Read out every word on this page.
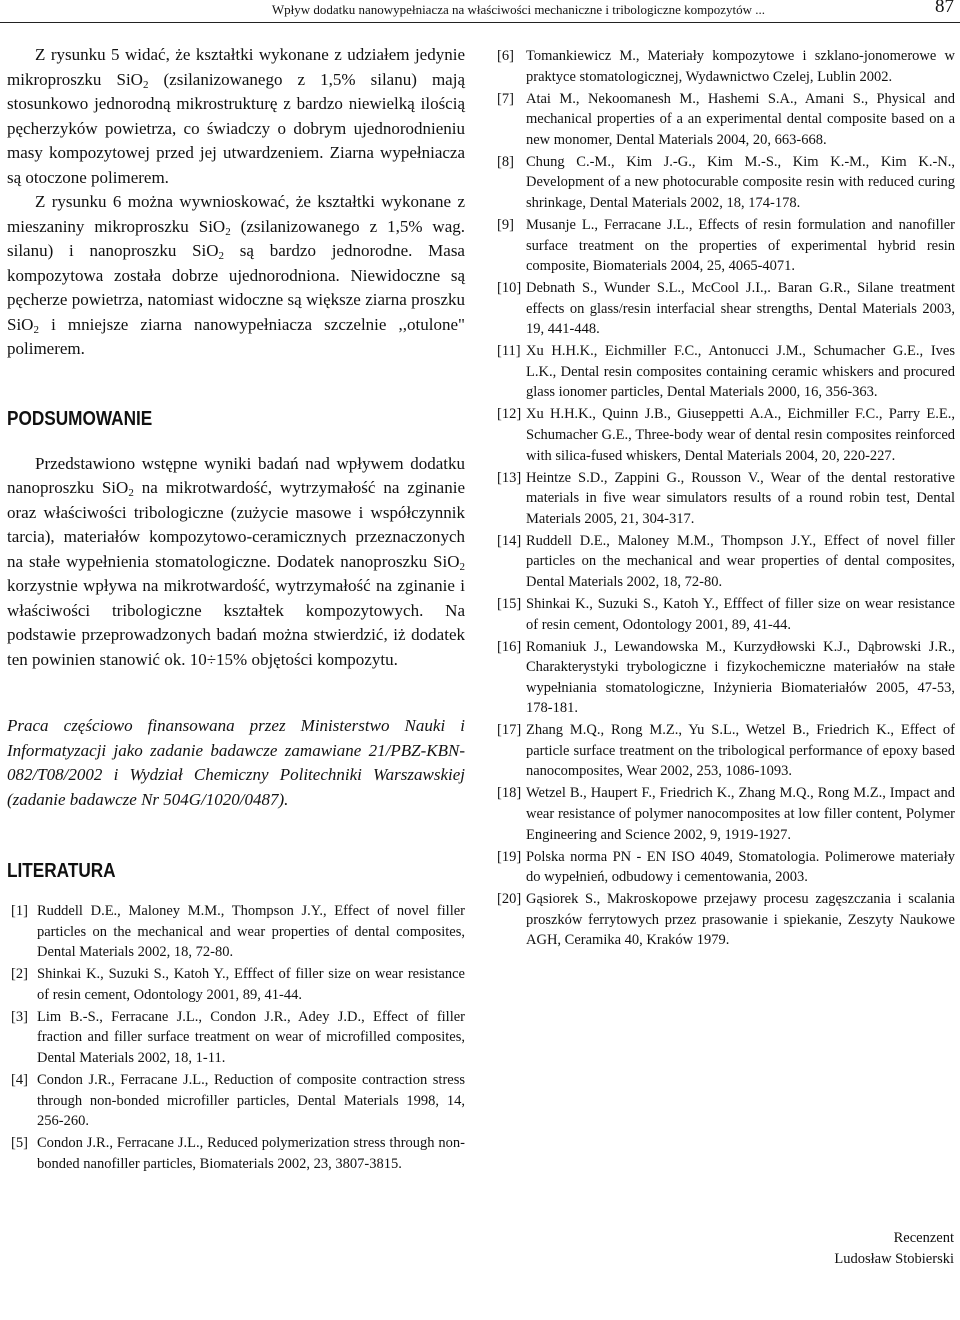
Wpływ dodatku nanowypełniacza na właściwości mechaniczne i tribologiczne kompozytów ...	87

Z rysunku 5 widać, że kształtki wykonane z udziałem jedynie mikroproszku SiO$_2$ (zsilanizowanego z 1,5% silanu) mają stosunkowo jednorodną mikrostrukturę z bardzo niewielką ilością pęcherzyków powietrza, co świadczy o dobrym ujednorodnieniu masy kompozytowej przed jej utwardzeniem. Ziarna wypełniacza są otoczone polimerem.

Z rysunku 6 można wywnioskować, że kształtki wykonane z mieszaniny mikroproszku SiO$_2$ (zsilanizowanego z 1,5% wag. silanu) i nanoproszku SiO$_2$ są bardzo jednorodne. Masa kompozytowa została dobrze ujednorodniona. Niewidoczne są pęcherze powietrza, natomiast widoczne są większe ziarna proszku SiO$_2$ i mniejsze ziarna nanowypełniacza szczelnie ,,otulone" polimerem.

PODSUMOWANIE

Przedstawiono wstępne wyniki badań nad wpływem dodatku nanoproszku SiO$_2$ na mikrotwardość, wytrzymałość na zginanie oraz właściwości tribologiczne (zużycie masowe i współczynnik tarcia), materiałów kompozytowo-ceramicznych przeznaczonych na stałe wypełnienia stomatologiczne. Dodatek nanoproszku SiO$_2$ korzystnie wpływa na mikrotwardość, wytrzymałość na zginanie i właściwości tribologiczne kształtek kompozytowych. Na podstawie przeprowadzonych badań można stwierdzić, iż dodatek ten powinien stanowić ok. 10÷15% objętości kompozytu.

Praca częściowo finansowana przez Ministerstwo Nauki i Informatyzacji jako zadanie badawcze zamawiane 21/PBZ-KBN-082/T08/2002 i Wydział Chemiczny Politechniki Warszawskiej (zadanie badawcze Nr 504G/1020/0487).

LITERATURA
[1] Ruddell D.E., Maloney M.M., Thompson J.Y., Effect of novel filler particles on the mechanical and wear properties of dental composites, Dental Materials 2002, 18, 72-80.
[2] Shinkai K., Suzuki S., Katoh Y., Efffect of filler size on wear resistance of resin cement, Odontology 2001, 89, 41-44.
[3] Lim B.-S., Ferracane J.L., Condon J.R., Adey J.D., Effect of filler fraction and filler surface treatment on wear of microfilled composites, Dental Materials 2002, 18, 1-11.
[4] Condon J.R., Ferracane J.L., Reduction of composite contraction stress through non-bonded microfiller particles, Dental Materials 1998, 14, 256-260.
[5] Condon J.R., Ferracane J.L., Reduced polymerization stress through non-bonded nanofiller particles, Biomaterials 2002, 23, 3807-3815.
[6] Tomankiewicz M., Materiały kompozytowe i szklano-jonomerowe w praktyce stomatologicznej, Wydawnictwo Czelej, Lublin 2002.
[7] Atai M., Nekoomanesh M., Hashemi S.A., Amani S., Physical and mechanical properties of a an experimental dental composite based on a new monomer, Dental Materials 2004, 20, 663-668.
[8] Chung C.-M., Kim J.-G., Kim M.-S., Kim K.-M., Kim K.-N., Development of a new photocurable composite resin with reduced curing shrinkage, Dental Materials 2002, 18, 174-178.
[9] Musanje L., Ferracane J.L., Effects of resin formulation and nanofiller surface treatment on the properties of experimental hybrid resin composite, Biomaterials 2004, 25, 4065-4071.
[10] Debnath S., Wunder S.L., McCool J.I.,. Baran G.R., Silane treatment effects on glass/resin interfacial shear strengths, Dental Materials 2003, 19, 441-448.
[11] Xu H.H.K., Eichmiller F.C., Antonucci J.M., Schumacher G.E., Ives L.K., Dental resin composites containing ceramic whiskers and procured glass ionomer particles, Dental Materials 2000, 16, 356-363.
[12] Xu H.H.K., Quinn J.B., Giuseppetti A.A., Eichmiller F.C., Parry E.E., Schumacher G.E., Three-body wear of dental resin composites reinforced with silica-fused whiskers, Dental Materials 2004, 20, 220-227.
[13] Heintze S.D., Zappini G., Rousson V., Wear of the dental restorative materials in five wear simulators results of a round robin test, Dental Materials 2005, 21, 304-317.
[14] Ruddell D.E., Maloney M.M., Thompson J.Y., Effect of novel filler particles on the mechanical and wear properties of dental composites, Dental Materials 2002, 18, 72-80.
[15] Shinkai K., Suzuki S., Katoh Y., Efffect of filler size on wear resistance of resin cement, Odontology 2001, 89, 41-44.
[16] Romaniuk J., Lewandowska M., Kurzydłowski K.J., Dąbrowski J.R., Charakterystyki trybologiczne i fizykochemiczne materiałów na stałe wypełniania stomatologiczne, Inżynieria Biomateriałów 2005, 47-53, 178-181.
[17] Zhang M.Q., Rong M.Z., Yu S.L., Wetzel B., Friedrich K., Effect of particle surface treatment on the tribological performance of epoxy based nanocomposites, Wear 2002, 253, 1086-1093.
[18] Wetzel B., Haupert F., Friedrich K., Zhang M.Q., Rong M.Z., Impact and wear resistance of polymer nanocomposites at low filler content, Polymer Engineering and Science 2002, 9, 1919-1927.
[19] Polska norma PN - EN ISO 4049, Stomatologia. Polimerowe materiały do wypełnień, odbudowy i cementowania, 2003.
[20] Gąsiorek S., Makroskopowe przejawy procesu zagęszczania i scalania proszków ferrytowych przez prasowanie i spiekanie, Zeszyty Naukowe AGH, Ceramika 40, Kraków 1979.
Recenzent
Ludosław Stobierski
